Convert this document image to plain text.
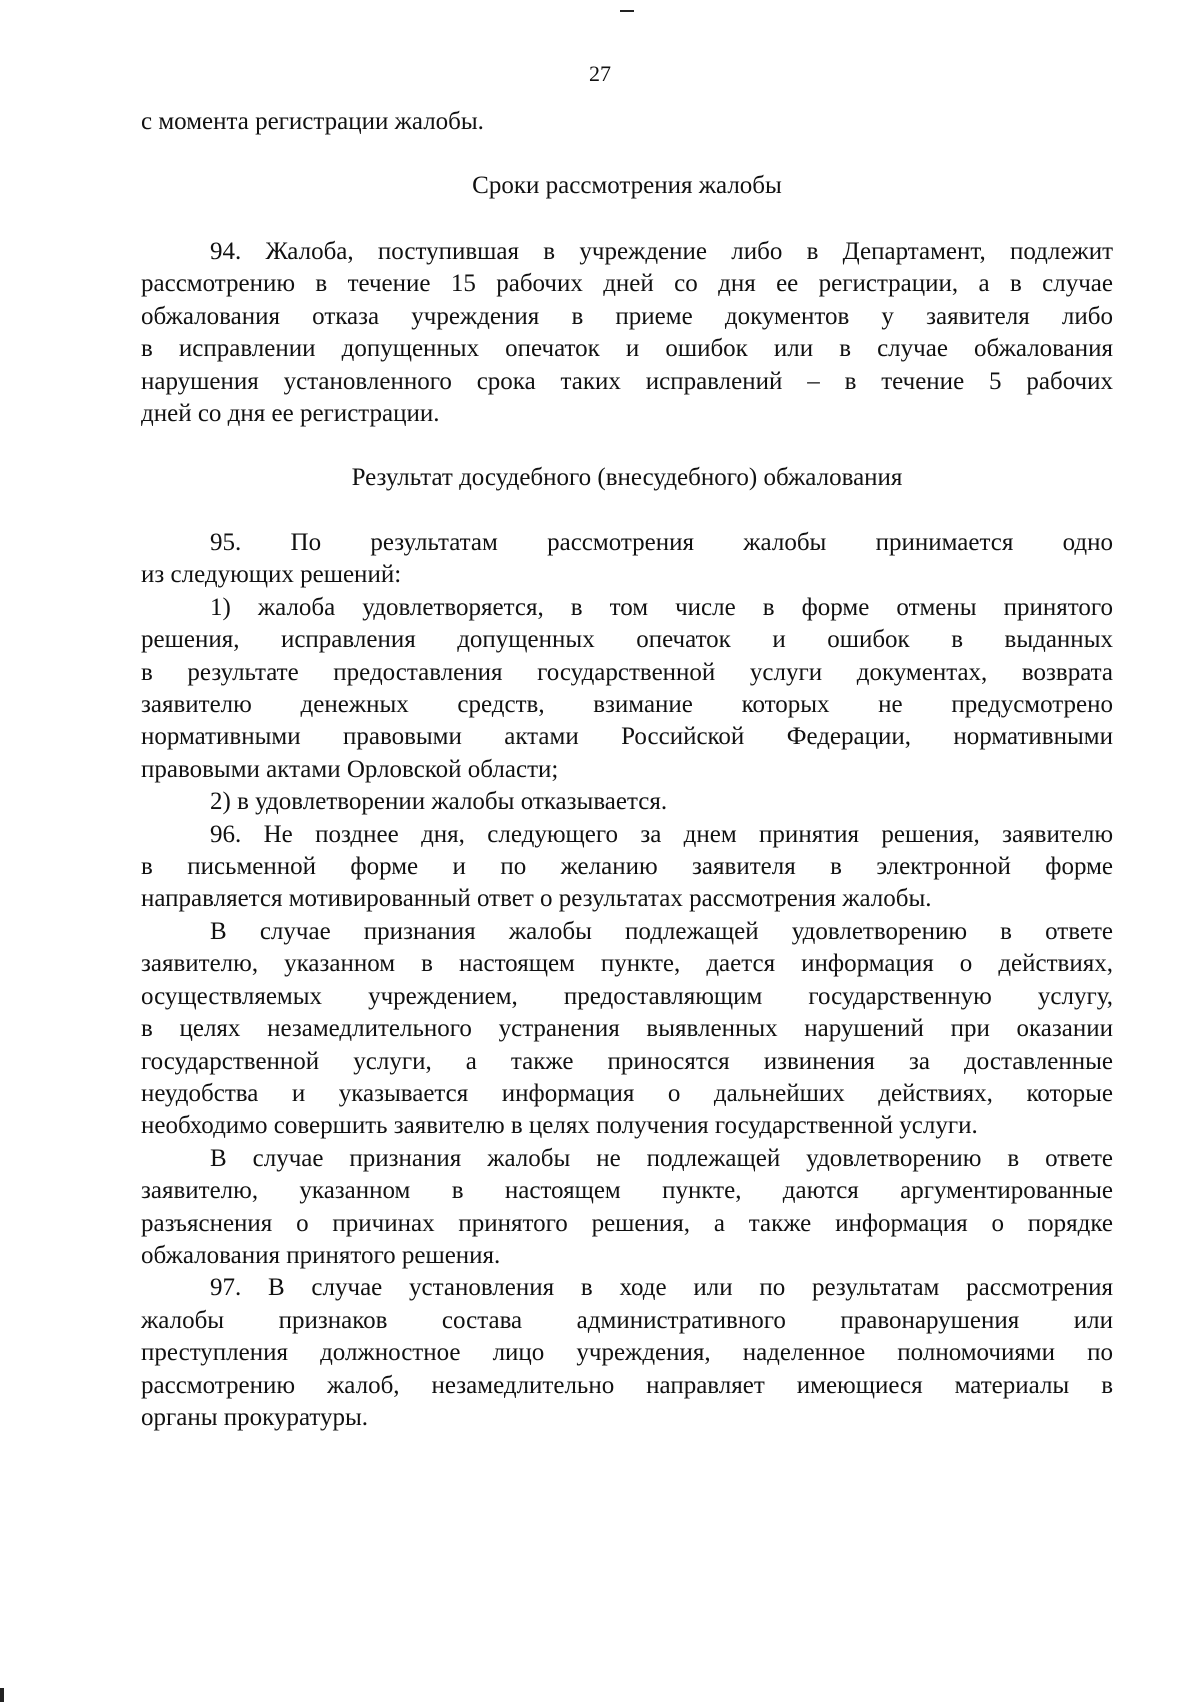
27

с момента регистрации жалобы.

Сроки рассмотрения жалобы

94. Жалоба, поступившая в учреждение либо в Департамент, подлежит

рассмотрению в течение 15 рабочих дней со дня ее регистрации, а в случае

обжалования отказа учреждения в приеме документов у заявителя либо

в исправлении допущенных опечаток и ошибок или в случае обжалования

нарушения установленного срока таких исправлений – в течение 5 рабочих

дней со дня ее регистрации.

Результат досудебного (внесудебного) обжалования

95. По результатам рассмотрения жалобы принимается одно

из следующих решений:

1) жалоба удовлетворяется, в том числе в форме отмены принятого

решения, исправления допущенных опечаток и ошибок в выданных

в результате предоставления государственной услуги документах, возврата

заявителю денежных средств, взимание которых не предусмотрено

нормативными правовыми актами Российской Федерации, нормативными

правовыми актами Орловской области;

2) в удовлетворении жалобы отказывается.

96. Не позднее дня, следующего за днем принятия решения, заявителю

в письменной форме и по желанию заявителя в электронной форме

направляется мотивированный ответ о результатах рассмотрения жалобы.

В случае признания жалобы подлежащей удовлетворению в ответе

заявителю, указанном в настоящем пункте, дается информация о действиях,

осуществляемых учреждением, предоставляющим государственную услугу,

в целях незамедлительного устранения выявленных нарушений при оказании

государственной услуги, а также приносятся извинения за доставленные

неудобства и указывается информация о дальнейших действиях, которые

необходимо совершить заявителю в целях получения государственной услуги.

В случае признания жалобы не подлежащей удовлетворению в ответе

заявителю, указанном в настоящем пункте, даются аргументированные

разъяснения о причинах принятого решения, а также информация о порядке

обжалования принятого решения.

97. В случае установления в ходе или по результатам рассмотрения

жалобы признаков состава административного правонарушения или

преступления должностное лицо учреждения, наделенное полномочиями по

рассмотрению жалоб, незамедлительно направляет имеющиеся материалы в

органы прокуратуры.
